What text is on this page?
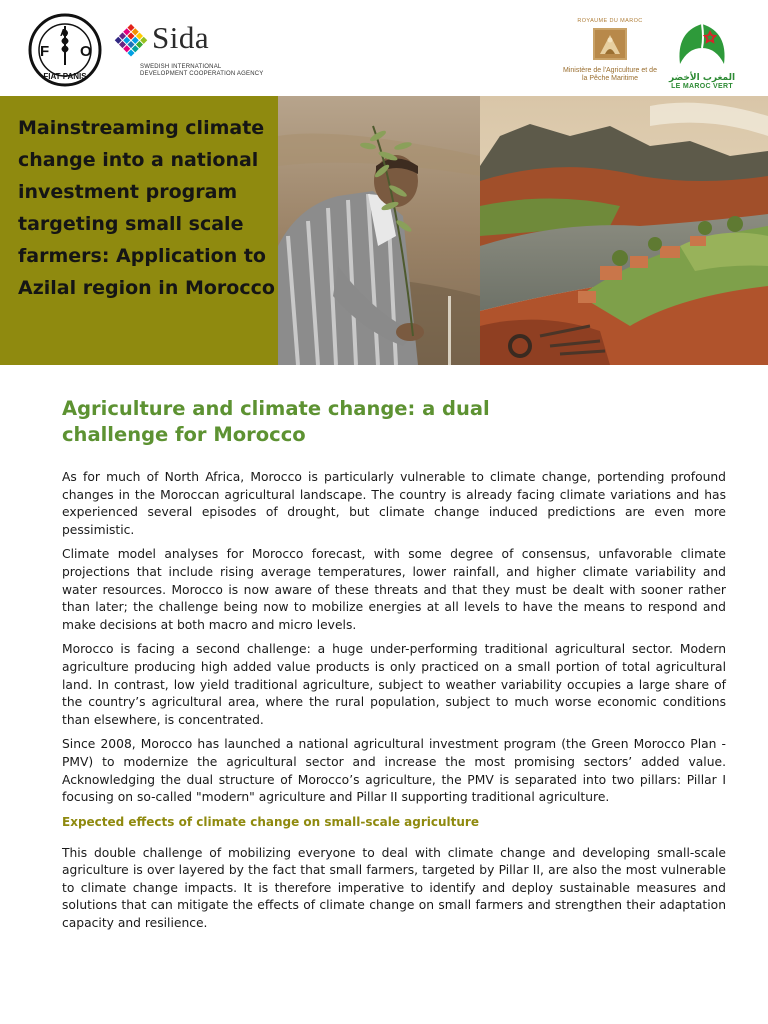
F O
A
FIAT PANIS
Sida
SWEDISH INTERNATIONAL DEVELOPMENT COOPERATION AGENCY
ROYAUME DU MAROC
Ministère de l'Agriculture et de la Pêche Maritime	المغرب الأخضر
LE MAROC VERT
Mainstreaming climate change into a national investment program targeting small scale farmers: Application to Azilal region in Morocco
Agriculture and climate change: a dual challenge for Morocco

As for much of North Africa, Morocco is particularly vulnerable to climate change, portending profound changes in the Moroccan agricultural landscape. The country is already facing climate variations and has experienced several episodes of drought, but climate change induced predictions are even more pessimistic.

Climate model analyses for Morocco forecast, with some degree of consensus, unfavorable climate projections that include rising average temperatures, lower rainfall, and higher climate variability and water resources. Morocco is now aware of these threats and that they must be dealt with sooner rather than later; the challenge being now to mobilize energies at all levels to have the means to respond and make decisions at both macro and micro levels.

Morocco is facing a second challenge: a huge under-performing traditional agricultural sector. Modern agriculture producing high added value products is only practiced on a small portion of total agricultural land. In contrast, low yield traditional agriculture, subject to weather variability occupies a large share of the country’s agricultural area, where the rural population, subject to much worse economic conditions than elsewhere, is concentrated.

Since 2008, Morocco has launched a national agricultural investment program (the Green Morocco Plan - PMV) to modernize the agricultural sector and increase the most promising sectors’ added value. Acknowledging the dual structure of Morocco’s agriculture, the PMV is separated into two pillars: Pillar I focusing on so-called "modern" agriculture and Pillar II supporting traditional agriculture.

Expected effects of climate change on small-scale agriculture

This double challenge of mobilizing everyone to deal with climate change and developing small-scale agriculture is over layered by the fact that small farmers, targeted by Pillar II, are also the most vulnerable to climate change impacts. It is therefore imperative to identify and deploy sustainable measures and solutions that can mitigate the effects of climate change on small farmers and strengthen their adaptation capacity and resilience.
